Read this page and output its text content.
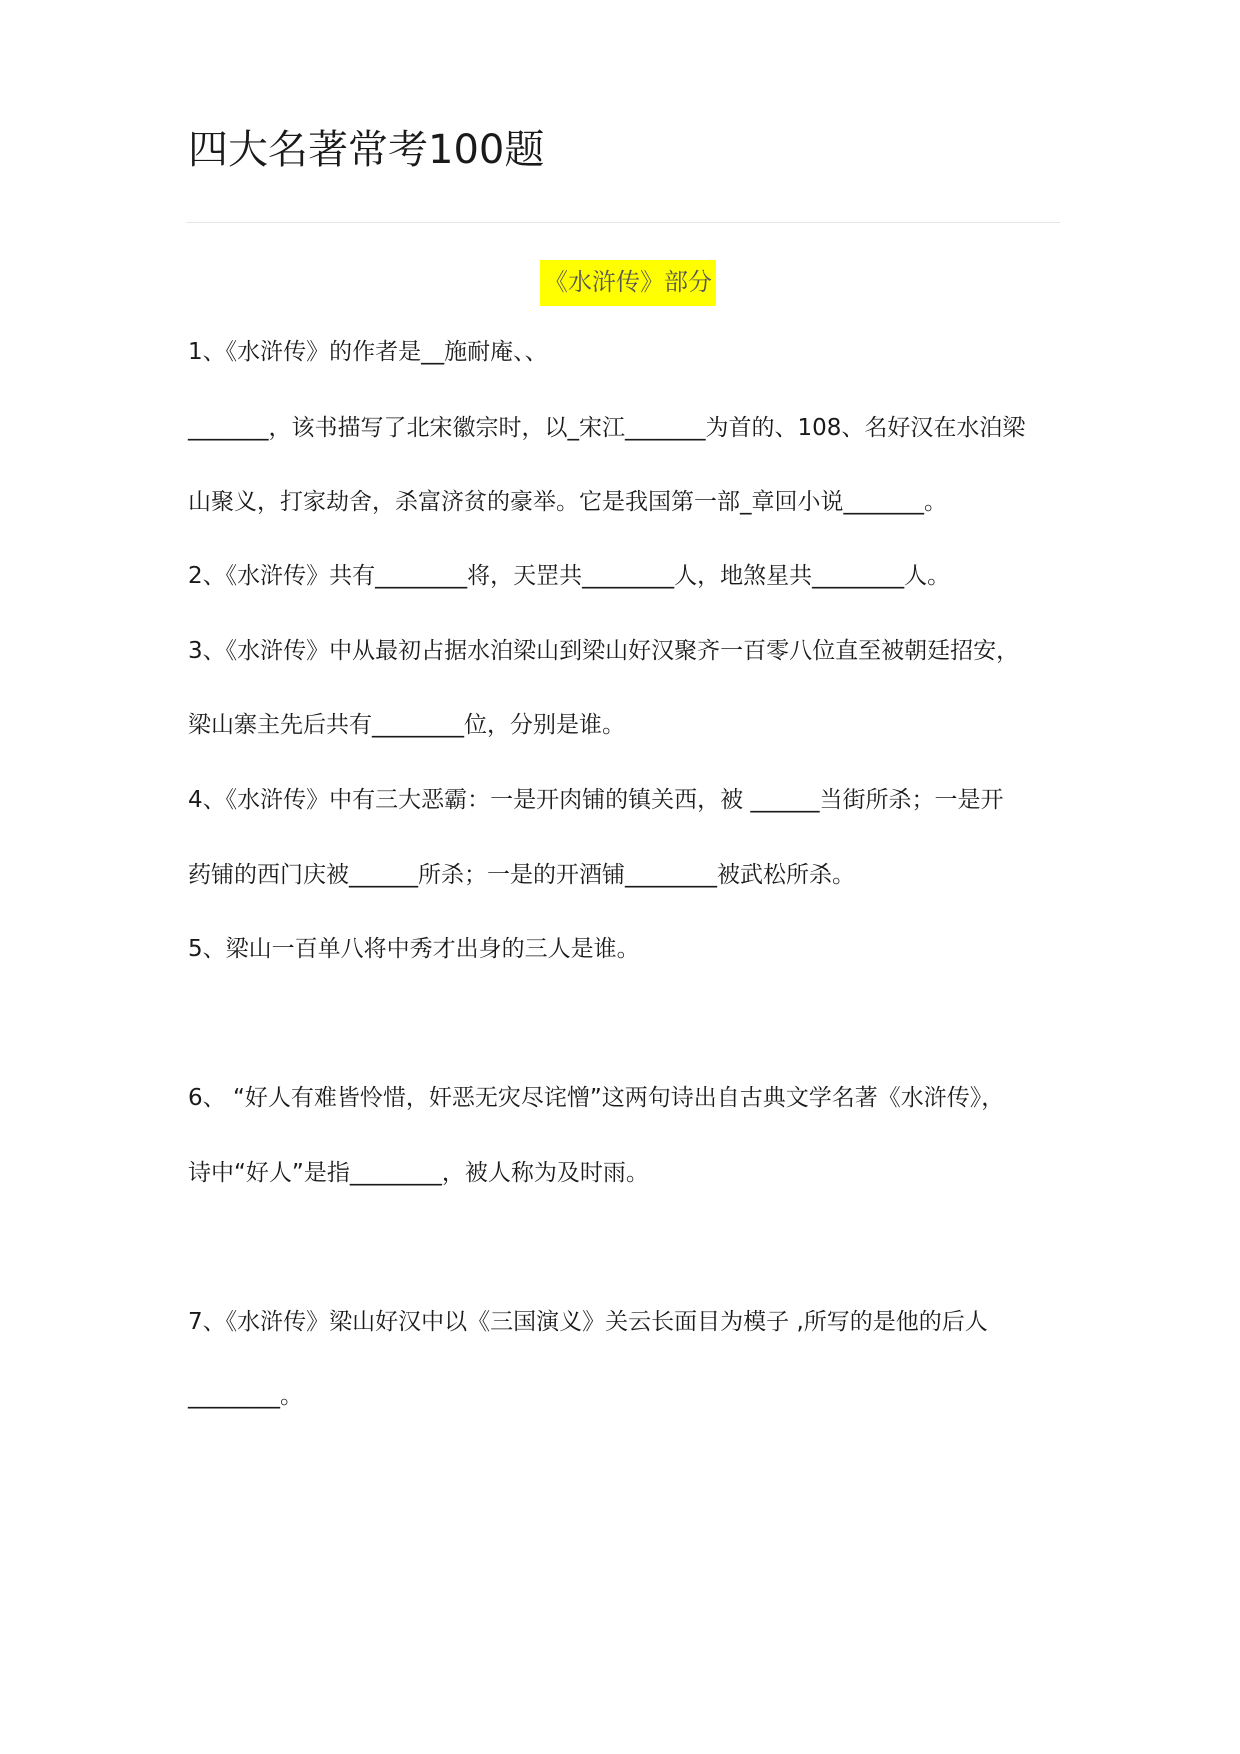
四大名著常考100题
《水浒传》部分
1、《水浒传》的作者是__施耐庵、、
_______，该书描写了北宋徽宗时，以_宋江_______为首的、108、名好汉在水泊梁
山聚义，打家劫舍，杀富济贫的豪举。它是我国第一部_章回小说_______。
2、《水浒传》共有________将，天罡共________人，地煞星共________人。
3、《水浒传》中从最初占据水泊梁山到梁山好汉聚齐一百零八位直至被朝廷招安，
梁山寨主先后共有________位，分别是谁。
4、《水浒传》中有三大恶霸：一是开肉铺的镇关西，被 ______当街所杀；一是开
药铺的西门庆被______所杀；一是的开酒铺________被武松所杀。
5、梁山一百单八将中秀才出身的三人是谁。
6、 “好人有难皆怜惜，奸恶无灾尽诧憎”这两句诗出自古典文学名著《水浒传》，
诗中“好人”是指________，被人称为及时雨。
7、《水浒传》梁山好汉中以《三国演义》关云长面目为模子 ,所写的是他的后人
________。
